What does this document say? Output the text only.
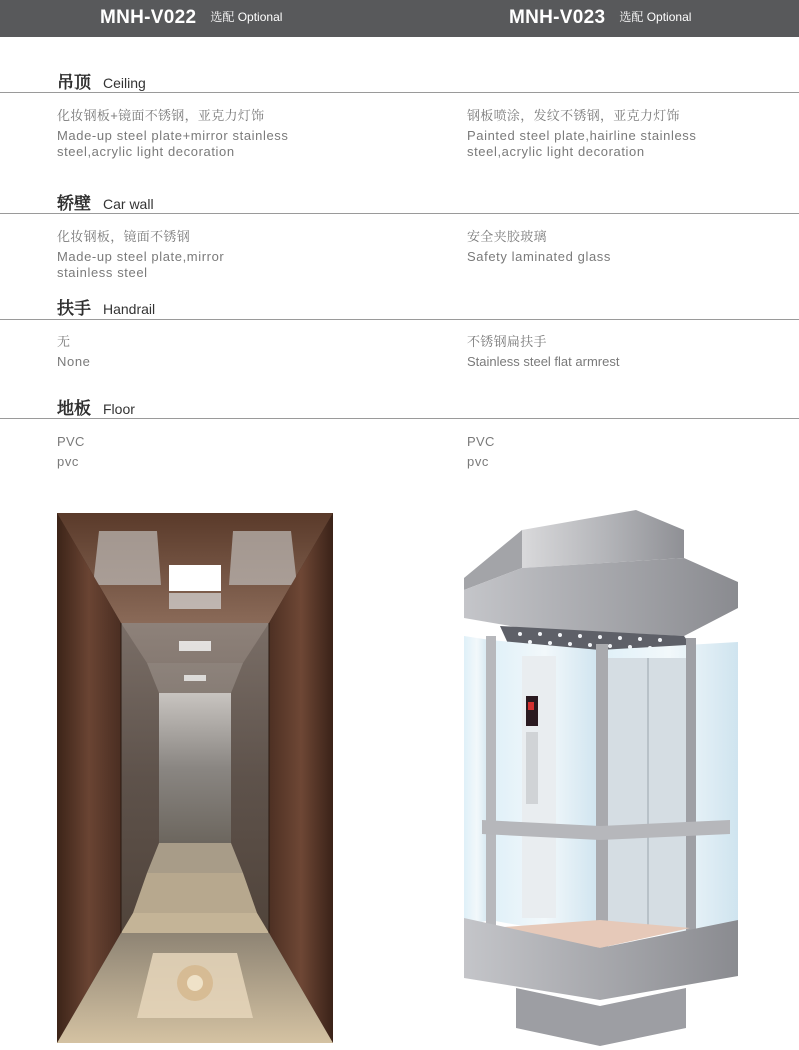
MNH-V022 选配 Optional	MNH-V023 选配 Optional
吊顶 Ceiling
化妆钢板+镜面不锈钢，亚克力灯饰
Made-up steel plate+mirror stainless steel,acrylic light decoration
钢板喷涂，发纹不锈钢，亚克力灯饰
Painted steel plate,hairline stainless steel,acrylic light decoration
轿壁 Car wall
化妆钢板，镜面不锈钢
Made-up steel plate,mirror stainless steel
安全夹胶玻璃
Safety laminated glass
扶手 Handrail
无
None
不锈钢扁扶手
Stainless steel flat armrest
地板 Floor
PVC
pvc
PVC
pvc
